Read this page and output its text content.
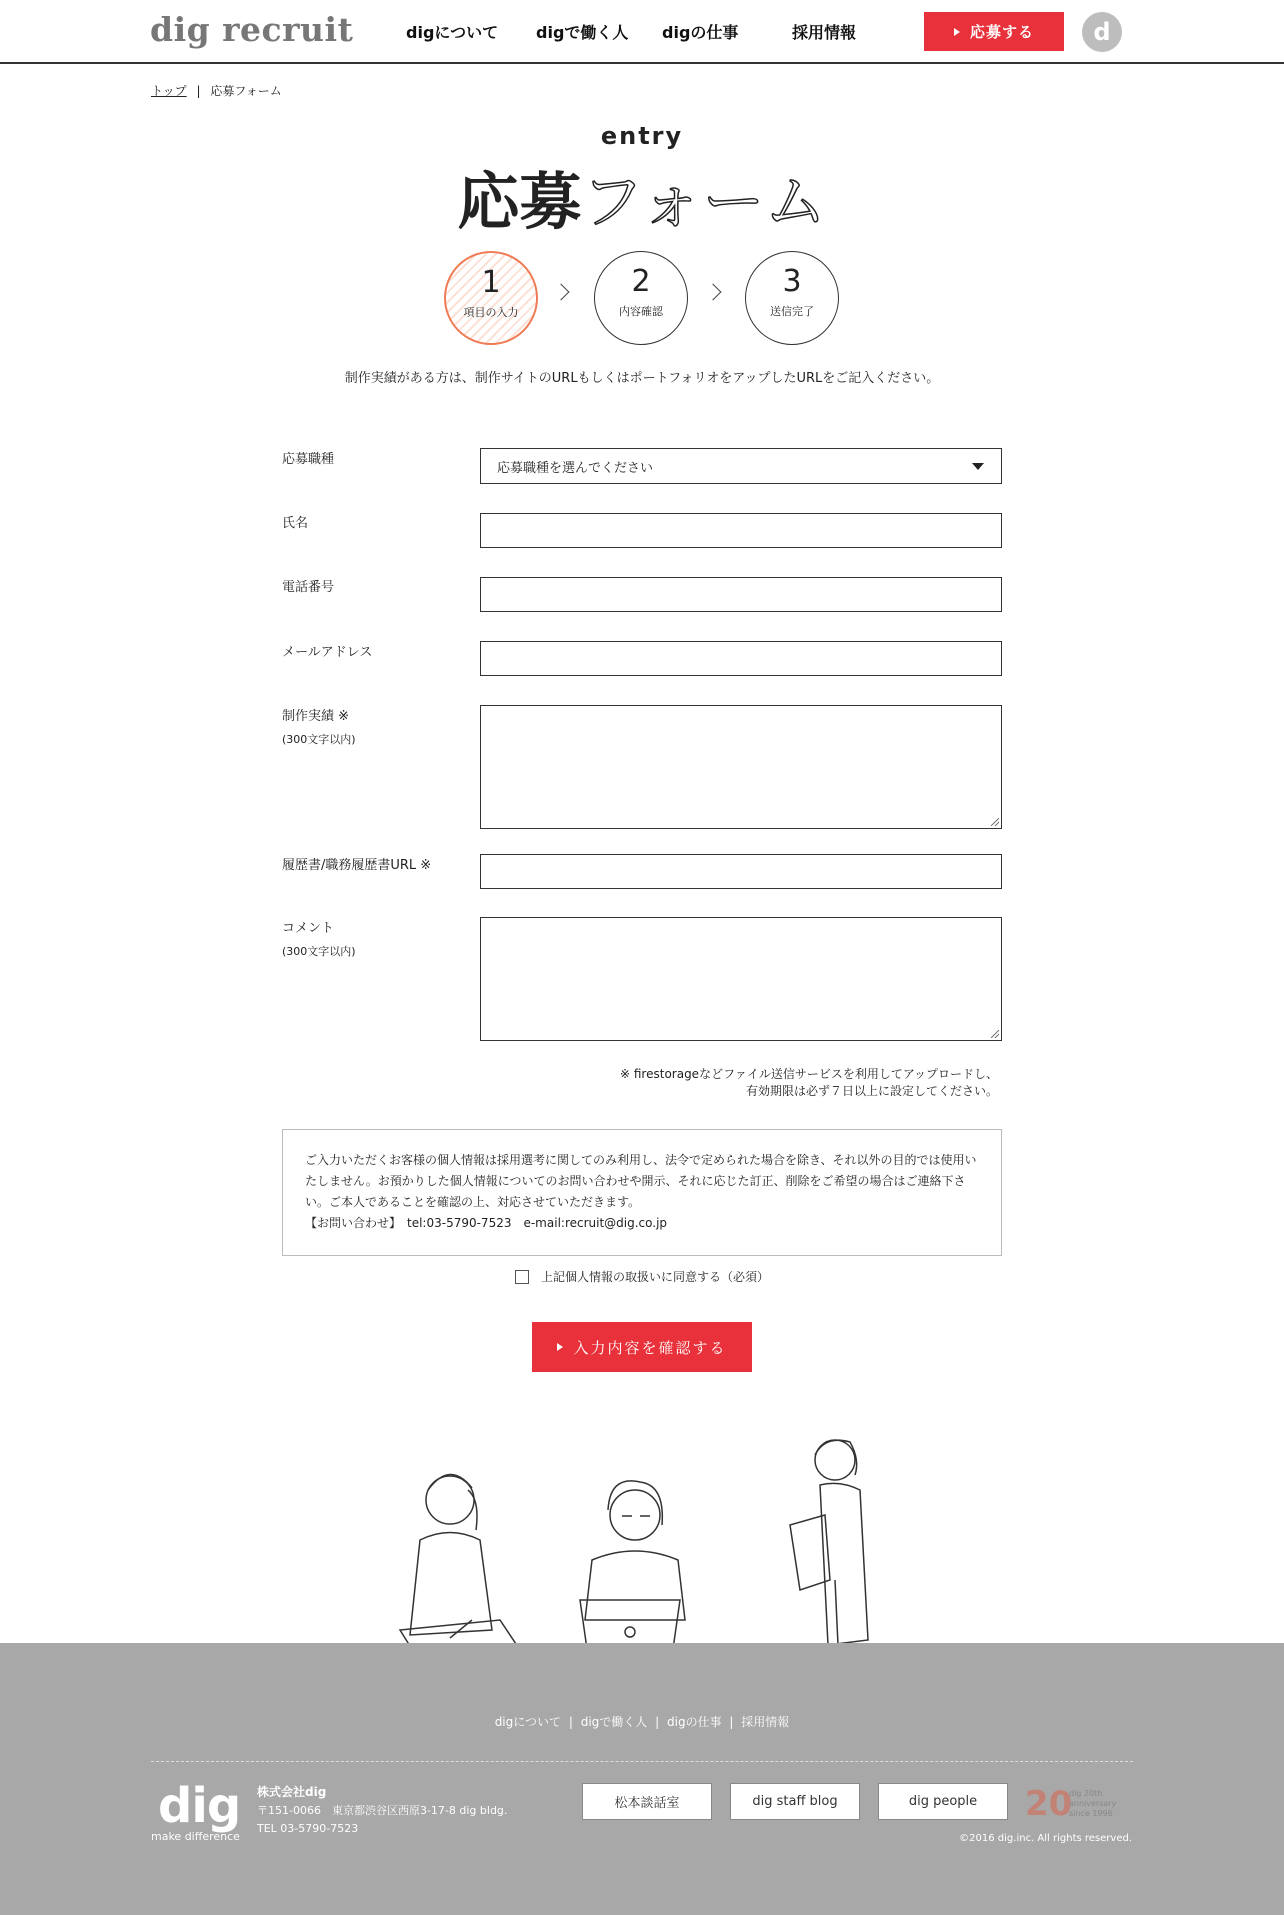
dig recruit	digについて digで働く人 digの仕事	採用情報	応募する	d
トップ | 応募フォーム
entry
応募フォーム
1
項目の入力
2
内容確認
3
送信完了
制作実績がある方は、制作サイトのURLもしくはポートフォリオをアップしたURLをご記入ください。
応募職種
応募職種を選んでください
氏名
電話番号
メールアドレス
制作実績 ※
(300文字以内)
履歴書/職務履歴書URL ※
コメント
(300文字以内)
※ firestorageなどファイル送信サービスを利用してアップロードし、
有効期限は必ず７日以上に設定してください。
ご入力いただくお客様の個人情報は採用選考に関してのみ利用し、法令で定められた場合を除き、それ以外の目的では使用いたしません。お預かりした個人情報についてのお問い合わせや開示、それに応じた訂正、削除をご希望の場合はご連絡下さい。ご本人であることを確認の上、対応させていただきます。
【お問い合わせ】　tel:03-5790-7523　e-mail:recruit@dig.co.jp
上記個人情報の取扱いに同意する（必須）
入力内容を確認する
digについて | digで働く人 | digの仕事 | 採用情報
dig
make difference
株式会社dig
〒151-0066　東京都渋谷区西原3-17-8 dig bldg.
TEL 03-5790-7523
松本談話室	dig staff blog	dig people	20
dig 20th
anniversary
since 1996
©2016 dig.inc. All rights reserved.
